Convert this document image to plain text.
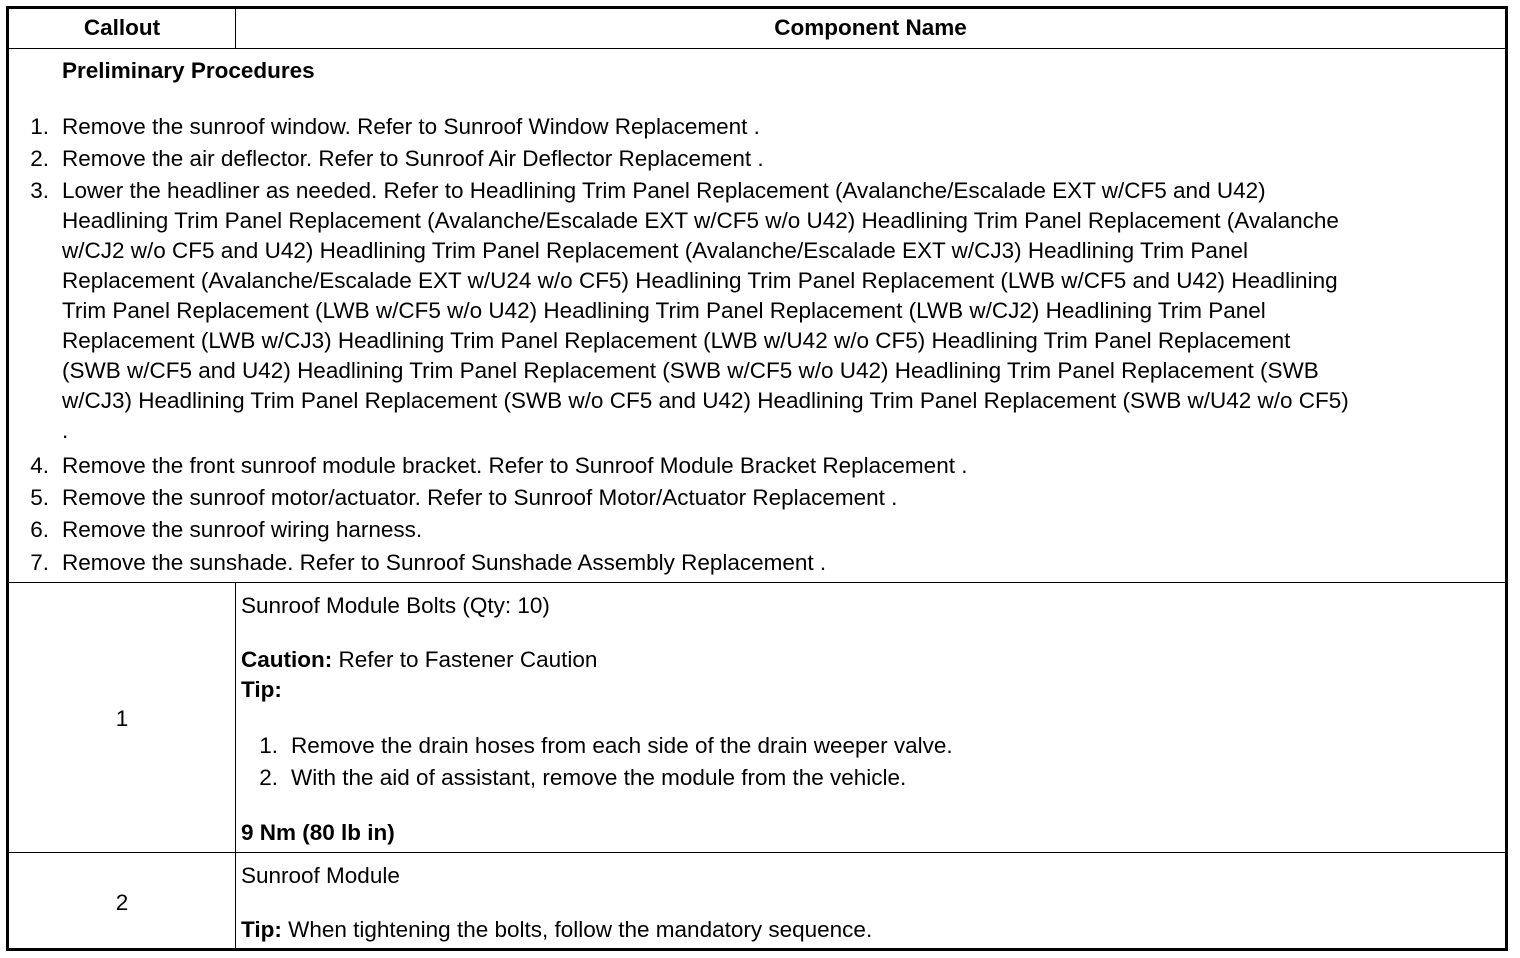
Callout	Component Name
Preliminary Procedures
1. Remove the sunroof window. Refer to Sunroof Window Replacement .
2. Remove the air deflector. Refer to Sunroof Air Deflector Replacement .
3. Lower the headliner as needed. Refer to Headlining Trim Panel Replacement (Avalanche/Escalade EXT w/CF5 and U42)
Headlining Trim Panel Replacement (Avalanche/Escalade EXT w/CF5 w/o U42) Headlining Trim Panel Replacement (Avalanche
w/CJ2 w/o CF5 and U42) Headlining Trim Panel Replacement (Avalanche/Escalade EXT w/CJ3) Headlining Trim Panel
Replacement (Avalanche/Escalade EXT w/U24 w/o CF5) Headlining Trim Panel Replacement (LWB w/CF5 and U42) Headlining
Trim Panel Replacement (LWB w/CF5 w/o U42) Headlining Trim Panel Replacement (LWB w/CJ2) Headlining Trim Panel
Replacement (LWB w/CJ3) Headlining Trim Panel Replacement (LWB w/U42 w/o CF5) Headlining Trim Panel Replacement
(SWB w/CF5 and U42) Headlining Trim Panel Replacement (SWB w/CF5 w/o U42) Headlining Trim Panel Replacement (SWB
w/CJ3) Headlining Trim Panel Replacement (SWB w/o CF5 and U42) Headlining Trim Panel Replacement (SWB w/U42 w/o CF5)
.
4. Remove the front sunroof module bracket. Refer to Sunroof Module Bracket Replacement .
5. Remove the sunroof motor/actuator. Refer to Sunroof Motor/Actuator Replacement .
6. Remove the sunroof wiring harness.
7. Remove the sunshade. Refer to Sunroof Sunshade Assembly Replacement .
1
Sunroof Module Bolts (Qty: 10)
Caution: Refer to Fastener Caution
Tip:
1. Remove the drain hoses from each side of the drain weeper valve.
2. With the aid of assistant, remove the module from the vehicle.
9 Nm (80 lb in)
2
Sunroof Module
Tip: When tightening the bolts, follow the mandatory sequence.
